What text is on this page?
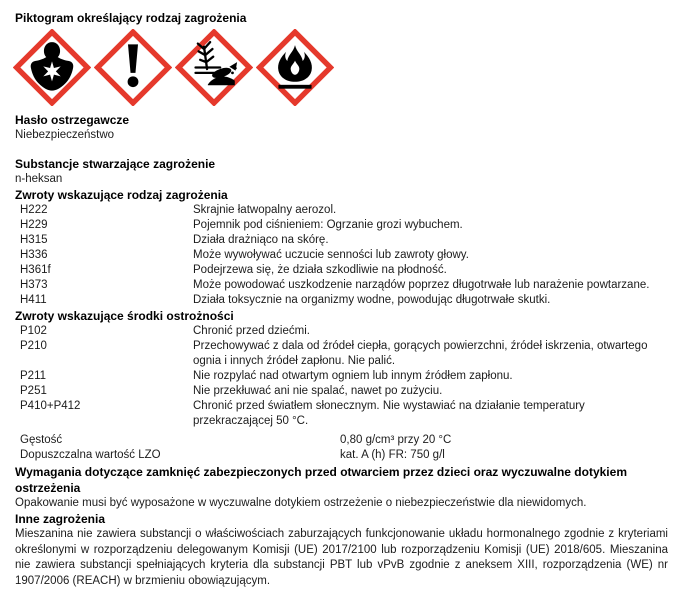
Piktogram określający rodzaj zagrożenia
Hasło ostrzegawcze
Niebezpieczeństwo
Substancje stwarzające zagrożenie
n-heksan
Zwroty wskazujące rodzaj zagrożenia
H222	Skrajnie łatwopalny aerozol.
H229	Pojemnik pod ciśnieniem: Ogrzanie grozi wybuchem.
H315	Działa drażniąco na skórę.
H336	Może wywoływać uczucie senności lub zawroty głowy.
H361f	Podejrzewa się, że działa szkodliwie na płodność.
H373	Może powodować uszkodzenie narządów poprzez długotrwałe lub narażenie powtarzane.
H411	Działa toksycznie na organizmy wodne, powodując długotrwałe skutki.
Zwroty wskazujące środki ostrożności
P102	Chronić przed dziećmi.
P210	Przechowywać z dala od źródeł ciepła, gorących powierzchni, źródeł iskrzenia, otwartego ognia i innych źródeł zapłonu. Nie palić.
P211	Nie rozpylać nad otwartym ogniem lub innym źródłem zapłonu.
P251	Nie przekłuwać ani nie spalać, nawet po zużyciu.
P410+P412	Chronić przed światłem słonecznym. Nie wystawiać na działanie temperatury przekraczającej 50 °C.
Gęstość	0,80 g/cm³ przy 20 °C
Dopuszczalna wartość LZO	kat. A (h) FR: 750 g/l
Wymagania dotyczące zamknięć zabezpieczonych przed otwarciem przez dzieci oraz wyczuwalne dotykiem ostrzeżenia
Opakowanie musi być wyposażone w wyczuwalne dotykiem ostrzeżenie o niebezpieczeństwie dla niewidomych.
Inne zagrożenia
Mieszanina nie zawiera substancji o właściwościach zaburzających funkcjonowanie układu hormonalnego zgodnie z kryteriami określonymi w rozporządzeniu delegowanym Komisji (UE) 2017/2100 lub rozporządzeniu Komisji (UE) 2018/605. Mieszanina nie zawiera substancji spełniających kryteria dla substancji PBT lub vPvB zgodnie z aneksem XIII, rozporządzenia (WE) nr 1907/2006 (REACH) w brzmieniu obowiązującym.
